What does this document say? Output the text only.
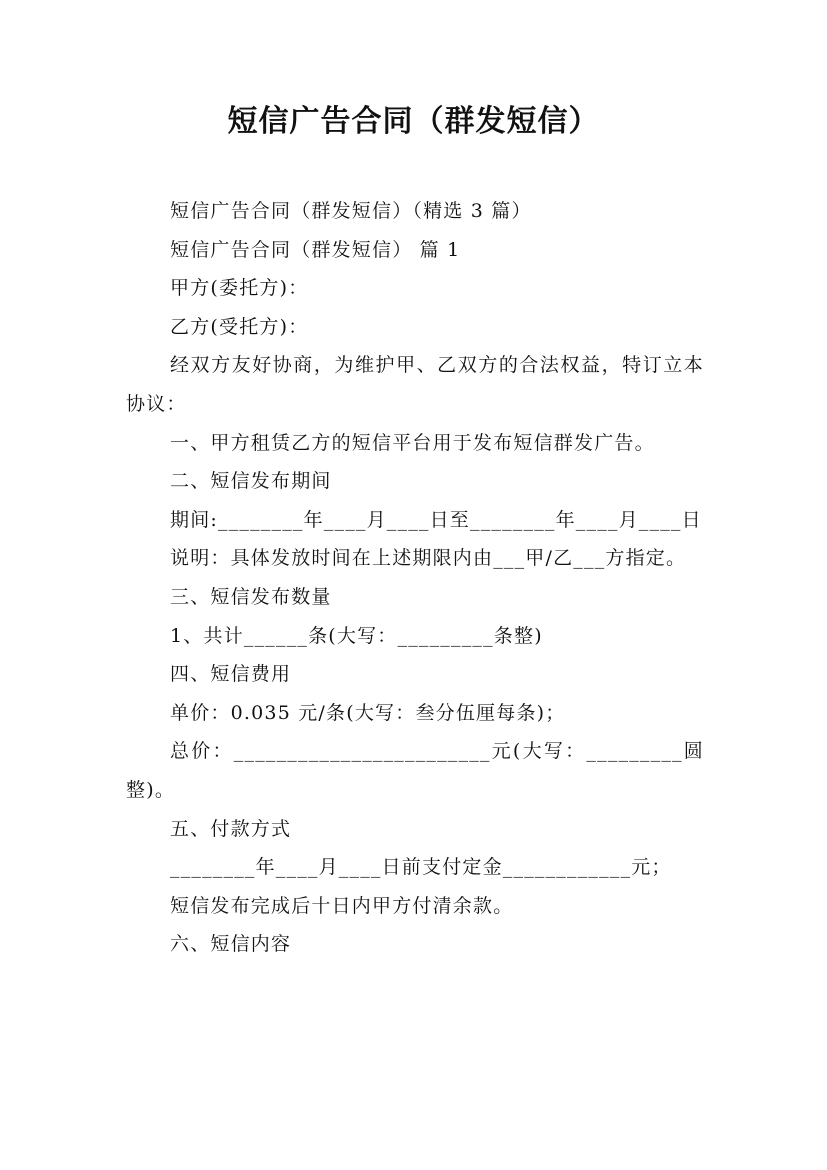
短信广告合同（群发短信）

短信广告合同（群发短信）（精选 3 篇）

短信广告合同（群发短信） 篇 1

甲方(委托方)：

乙方(受托方)：

经双方友好协商，为维护甲、乙双方的合法权益，特订立本协议：

一、甲方租赁乙方的短信平台用于发布短信群发广告。

二、短信发布期间

期间:________年____月____日至________年____月____日

说明：具体发放时间在上述期限内由___甲/乙___方指定。

三、短信发布数量

1、共计______条(大写：_________条整)

四、短信费用

单价：0.035 元/条(大写：叁分伍厘每条)；

总价：________________________元(大写：_________圆整)。

五、付款方式

________年____月____日前支付定金____________元；

短信发布完成后十日内甲方付清余款。

六、短信内容
